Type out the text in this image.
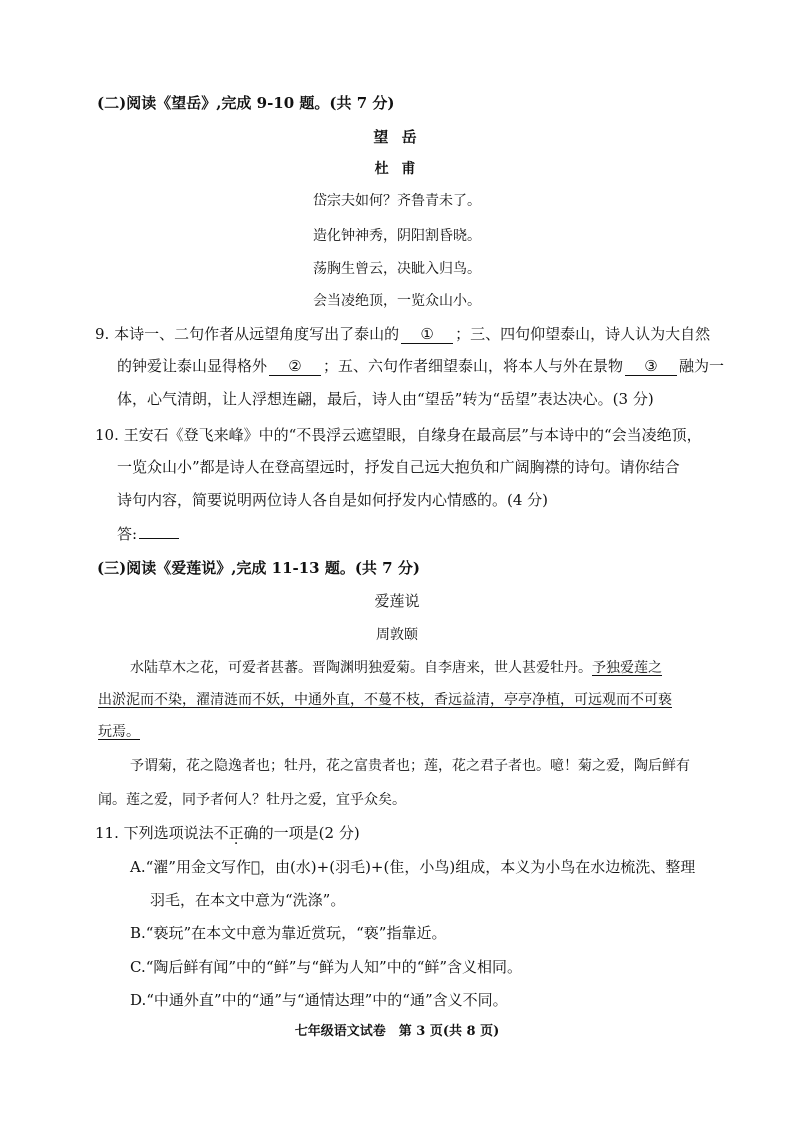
(二)阅读《望岳》,完成 9-10 题。(共 7 分)
望 岳
杜 甫
岱宗夫如何？齐鲁青未了。
造化钟神秀，阴阳割昏晓。
荡胸生曾云，决眦入归鸟。
会当凌绝顶，一览众山小。
9. 本诗一、二句作者从远望角度写出了泰山的 ① ；三、四句仰望泰山，诗人认为大自然
的钟爱让泰山显得格外 ② ；五、六句作者细望泰山，将本人与外在景物 ③ 融为一
体，心气清朗，让人浮想连翩，最后，诗人由“望岳”转为“岳望”表达决心。(3 分)
10. 王安石《登飞来峰》中的“不畏浮云遮望眼，自缘身在最高层”与本诗中的“会当凌绝顶，
一览众山小”都是诗人在登高望远时，抒发自己远大抱负和广阔胸襟的诗句。请你结合
诗句内容，简要说明两位诗人各自是如何抒发内心情感的。(4 分)
答:
(三)阅读《爱莲说》,完成 11-13 题。(共 7 分)
爱莲说
周敦颐
水陆草木之花，可爱者甚蕃。晋陶渊明独爱菊。自李唐来，世人甚爱牡丹。予独爱莲之
出淤泥而不染，濯清涟而不妖，中通外直，不蔓不枝，香远益清，亭亭净植，可远观而不可亵
玩焉。
予谓菊，花之隐逸者也；牡丹，花之富贵者也；莲，花之君子者也。噫！菊之爱，陶后鲜有
闻。莲之爱，同予者何人？牡丹之爱，宜乎众矣。
11. 下列选项说法不正确的一项是(2 分)
A.“濯”用金文写作𢿋，由(水)+(羽毛)+(隹，小鸟)组成，本义为小鸟在水边梳洗、整理
羽毛，在本文中意为“洗涤”。
B.“亵玩”在本文中意为靠近赏玩，“亵”指靠近。
C.“陶后鲜有闻”中的“鲜”与“鲜为人知”中的“鲜”含义相同。
D.“中通外直”中的“通”与“通情达理”中的“通”含义不同。
七年级语文试卷　第 3 页(共 8 页)
